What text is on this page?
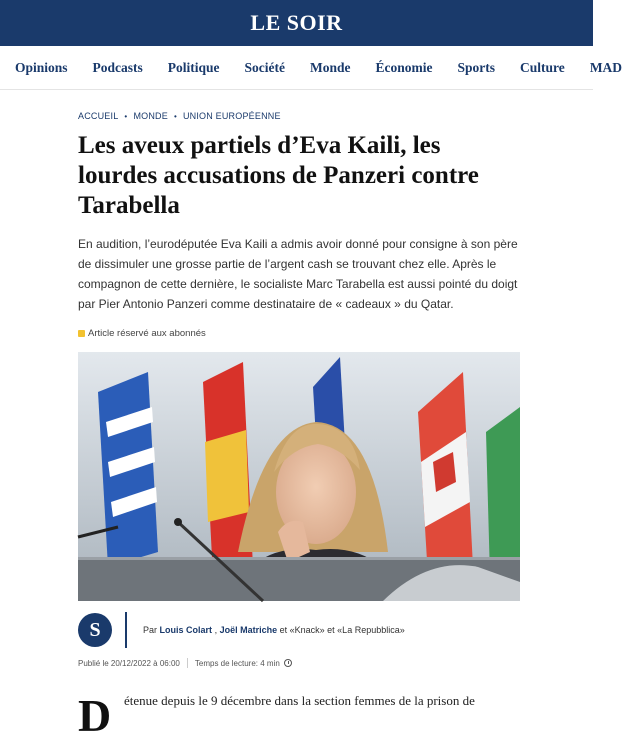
LE SOIR
Opinions Podcasts Politique Société Monde Économie Sports Culture MAD
ACCUEIL • MONDE • UNION EUROPÉENNE
Les aveux partiels d’Eva Kaili, les lourdes accusations de Panzeri contre Tarabella

En audition, l’eurodéputée Eva Kaili a admis avoir donné pour consigne à son père de dissimuler une grosse partie de l’argent cash se trouvant chez elle. Après le compagnon de cette dernière, le socialiste Marc Tarabella est aussi pointé du doigt par Pier Antonio Panzeri comme destinataire de « cadeaux » du Qatar.

Article réservé aux abonnés
S	Par Louis Colart , Joël Matriche et «Knack» et «La Repubblica»
Publié le 20/12/2022 à 06:00 Temps de lecture: 4 min
D étenue depuis le 9 décembre dans la section femmes de la prison de
